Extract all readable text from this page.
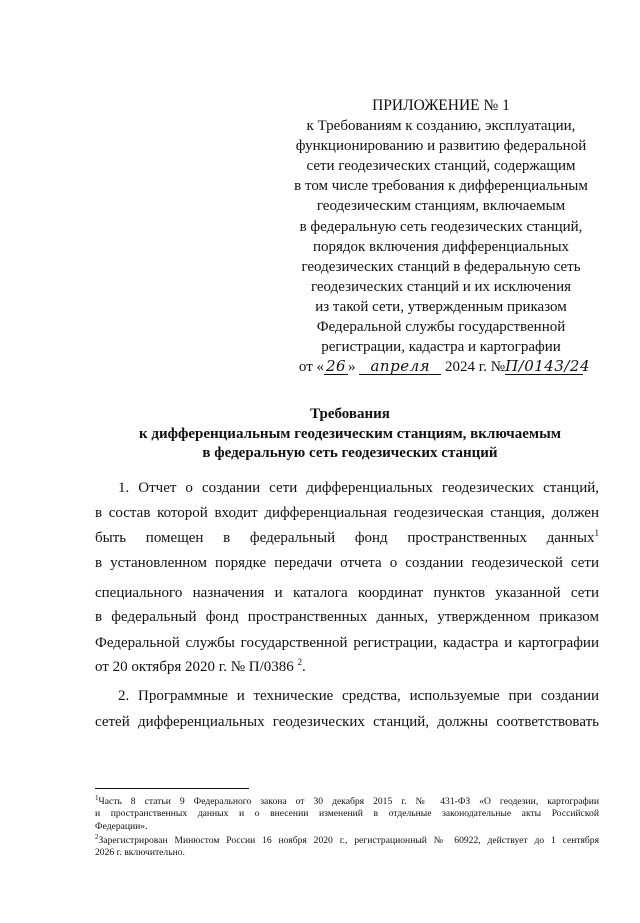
ПРИЛОЖЕНИЕ № 1
к Требованиям к созданию, эксплуатации,
функционированию и развитию федеральной
сети геодезических станций, содержащим
в том числе требования к дифференциальным
геодезическим станциям, включаемым
в федеральную сеть геодезических станций,
порядок включения дифференциальных
геодезических станций в федеральную сеть
геодезических станций и их исключения
из такой сети, утвержденным приказом
Федеральной службы государственной
регистрации, кадастра и картографии
от « 26 » апреля 2024 г. №П/0143/24
Требования
к дифференциальным геодезическим станциям, включаемым
в федеральную сеть геодезических станций
1. Отчет о создании сети дифференциальных геодезических станций,
в состав которой входит дифференциальная геодезическая станция, должен
быть помещен в федеральный фонд пространственных данных$^1$
в установленном порядке передачи отчета о создании геодезической сети
специального назначения и каталога координат пунктов указанной сети
в федеральный фонд пространственных данных, утвержденном приказом
Федеральной службы государственной регистрации, кадастра и картографии
от 20 октября 2020 г. № П/0386 $^2$.
2. Программные и технические средства, используемые при создании
сетей дифференциальных геодезических станций, должны соответствовать
$^1$Часть 8 статьи 9 Федерального закона от 30 декабря 2015 г. № 431-ФЗ «О геодезии, картографии
и пространственных данных и о внесении изменений в отдельные законодательные акты Российской
Федерации».
$^2$Зарегистрирован Минюстом России 16 ноября 2020 г., регистрационный № 60922, действует до 1 сентября
2026 г. включительно.
